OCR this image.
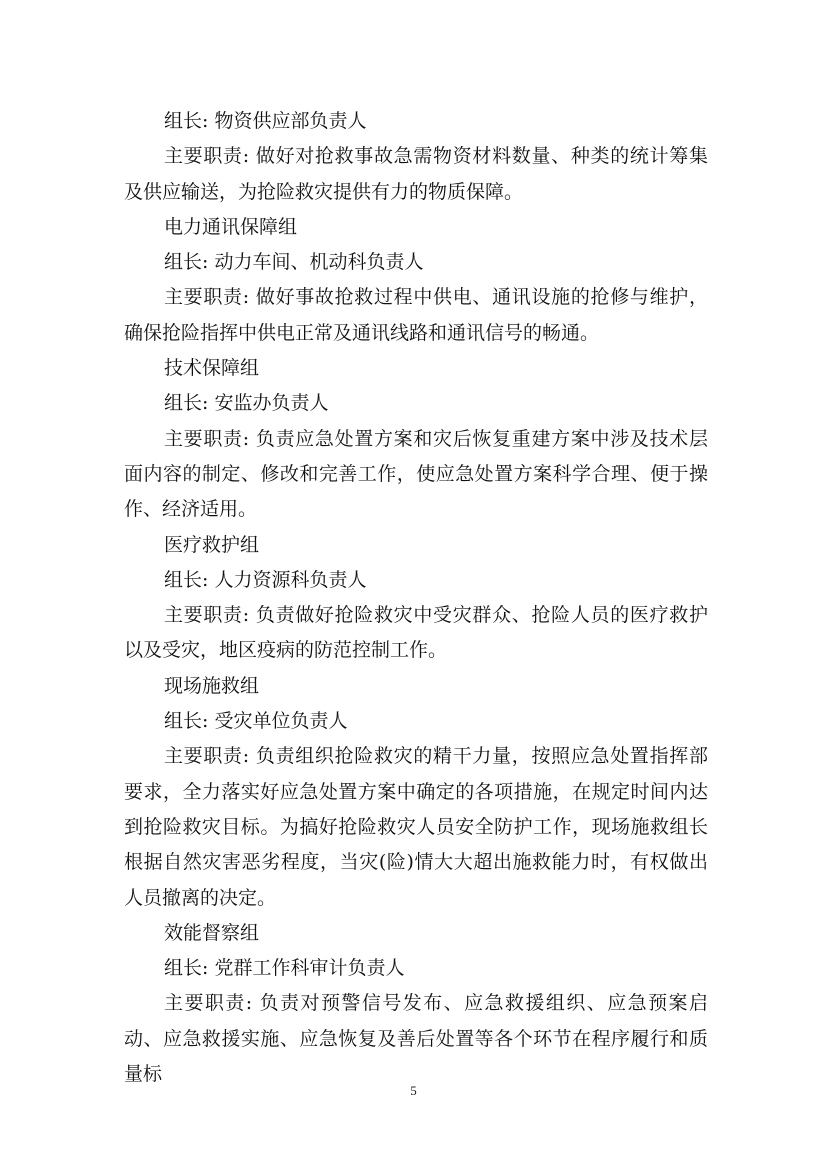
组长: 物资供应部负责人

主要职责: 做好对抢救事故急需物资材料数量、种类的统计筹集及供应输送，为抢险救灾提供有力的物质保障。

电力通讯保障组

组长: 动力车间、机动科负责人

主要职责: 做好事故抢救过程中供电、通讯设施的抢修与维护，确保抢险指挥中供电正常及通讯线路和通讯信号的畅通。

技术保障组

组长: 安监办负责人

主要职责: 负责应急处置方案和灾后恢复重建方案中涉及技术层面内容的制定、修改和完善工作，使应急处置方案科学合理、便于操作、经济适用。

医疗救护组

组长: 人力资源科负责人

主要职责: 负责做好抢险救灾中受灾群众、抢险人员的医疗救护以及受灾，地区疫病的防范控制工作。

现场施救组

组长: 受灾单位负责人

主要职责: 负责组织抢险救灾的精干力量，按照应急处置指挥部要求，全力落实好应急处置方案中确定的各项措施，在规定时间内达到抢险救灾目标。为搞好抢险救灾人员安全防护工作，现场施救组长根据自然灾害恶劣程度，当灾(险)情大大超出施救能力时，有权做出人员撤离的决定。

效能督察组

组长: 党群工作科审计负责人

主要职责: 负责对预警信号发布、应急救援组织、应急预案启动、应急救援实施、应急恢复及善后处置等各个环节在程序履行和质量标

5
